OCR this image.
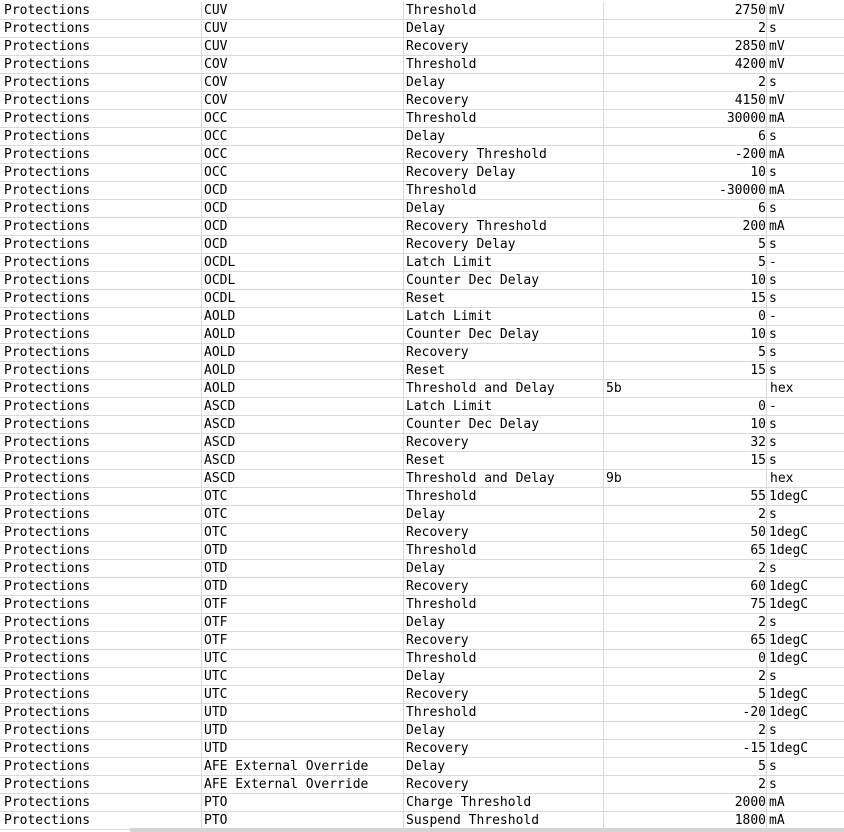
Protections	CUV	Threshold	2750 mV
Protections	CUV	Delay	2 s
Protections	CUV	Recovery	2850 mV
Protections	COV	Threshold	4200 mV
Protections	COV	Delay	2 s
Protections	COV	Recovery	4150 mV
Protections	OCC	Threshold	30000 mA
Protections	OCC	Delay	6 s
Protections	OCC	Recovery Threshold	-200 mA
Protections	OCC	Recovery Delay	10 s
Protections	OCD	Threshold	-30000 mA
Protections	OCD	Delay	6 s
Protections	OCD	Recovery Threshold	200 mA
Protections	OCD	Recovery Delay	5 s
Protections	OCDL	Latch Limit	5 -
Protections	OCDL	Counter Dec Delay	10 s
Protections	OCDL	Reset	15 s
Protections	AOLD	Latch Limit	0 -
Protections	AOLD	Counter Dec Delay	10 s
Protections	AOLD	Recovery	5 s
Protections	AOLD	Reset	15 s
Protections	AOLD	Threshold and Delay	5b	hex
Protections	ASCD	Latch Limit	0 -
Protections	ASCD	Counter Dec Delay	10 s
Protections	ASCD	Recovery	32 s
Protections	ASCD	Reset	15 s
Protections	ASCD	Threshold and Delay	9b	hex
Protections	OTC	Threshold	55 1degC
Protections	OTC	Delay	2 s
Protections	OTC	Recovery	50 1degC
Protections	OTD	Threshold	65 1degC
Protections	OTD	Delay	2 s
Protections	OTD	Recovery	60 1degC
Protections	OTF	Threshold	75 1degC
Protections	OTF	Delay	2 s
Protections	OTF	Recovery	65 1degC
Protections	UTC	Threshold	0 1degC
Protections	UTC	Delay	2 s
Protections	UTC	Recovery	5 1degC
Protections	UTD	Threshold	-20 1degC
Protections	UTD	Delay	2 s
Protections	UTD	Recovery	-15 1degC
Protections	AFE External Override	Delay	5 s
Protections	AFE External Override	Recovery	2 s
Protections	PTO	Charge Threshold	2000 mA
Protections	PTO	Suspend Threshold	1800 mA
